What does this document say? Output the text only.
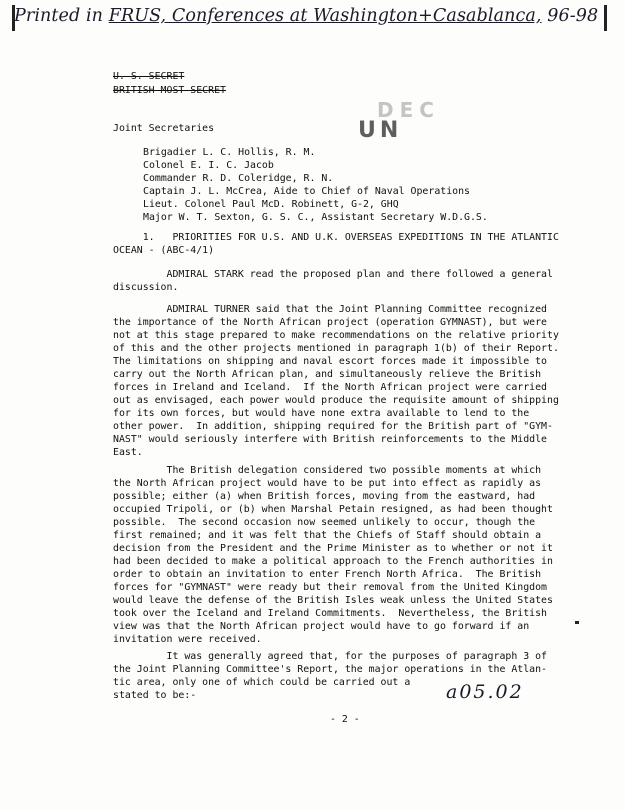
Printed in FRUS, Conferences at Washington+Casablanca, 96-98
U. S. SECRET
BRITISH MOST SECRET
DEC
UN
Joint Secretaries
Brigadier L. C. Hollis, R. M.
Colonel E. I. C. Jacob
Commander R. D. Coleridge, R. N.
Captain J. L. McCrea, Aide to Chief of Naval Operations
Lieut. Colonel Paul McD. Robinett, G-2, GHQ
Major W. T. Sexton, G. S. C., Assistant Secretary W.D.G.S.
1.   PRIORITIES FOR U.S. AND U.K. OVERSEAS EXPEDITIONS IN THE ATLANTIC
OCEAN - (ABC-4/1)
ADMIRAL STARK read the proposed plan and there followed a general
discussion.
ADMIRAL TURNER said that the Joint Planning Committee recognized
the importance of the North African project (operation GYMNAST), but were
not at this stage prepared to make recommendations on the relative priority
of this and the other projects mentioned in paragraph 1(b) of their Report.
The limitations on shipping and naval escort forces made it impossible to
carry out the North African plan, and simultaneously relieve the British
forces in Ireland and Iceland.  If the North African project were carried
out as envisaged, each power would produce the requisite amount of shipping
for its own forces, but would have none extra available to lend to the
other power.  In addition, shipping required for the British part of "GYM-
NAST" would seriously interfere with British reinforcements to the Middle
East.
The British delegation considered two possible moments at which
the North African project would have to be put into effect as rapidly as
possible; either (a) when British forces, moving from the eastward, had
occupied Tripoli, or (b) when Marshal Petain resigned, as had been thought
possible.  The second occasion now seemed unlikely to occur, though the
first remained; and it was felt that the Chiefs of Staff should obtain a
decision from the President and the Prime Minister as to whether or not it
had been decided to make a political approach to the French authorities in
order to obtain an invitation to enter French North Africa.  The British
forces for "GYMNAST" were ready but their removal from the United Kingdom
would leave the defense of the British Isles weak unless the United States
took over the Iceland and Ireland Commitments.  Nevertheless, the British
view was that the North African project would have to go forward if an
invitation were received.
It was generally agreed that, for the purposes of paragraph 3 of
the Joint Planning Committee's Report, the major operations in the Atlan-
tic area, only one of which could be carried out a
stated to be:-	a05.02
- 2 -
